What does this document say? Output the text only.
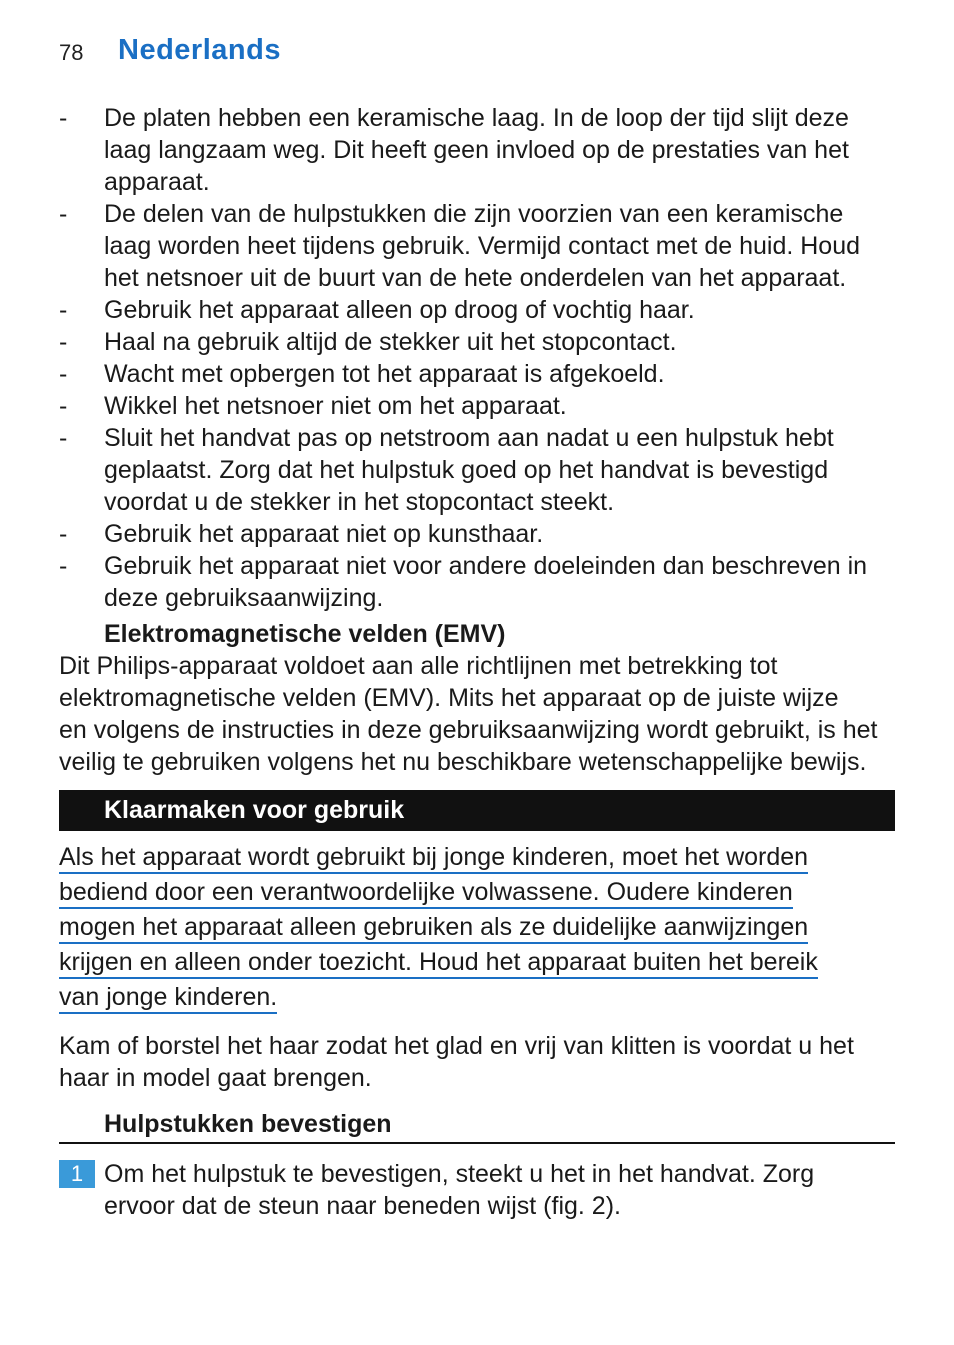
78 Nederlands
- De platen hebben een keramische laag. In de loop der tijd slijt deze
laag langzaam weg. Dit heeft geen invloed op de prestaties van het
apparaat.
- De delen van de hulpstukken die zijn voorzien van een keramische
laag worden heet tijdens gebruik. Vermijd contact met de huid. Houd
het netsnoer uit de buurt van de hete onderdelen van het apparaat.
- Gebruik het apparaat alleen op droog of vochtig haar.
- Haal na gebruik altijd de stekker uit het stopcontact.
- Wacht met opbergen tot het apparaat is afgekoeld.
- Wikkel het netsnoer niet om het apparaat.
- Sluit het handvat pas op netstroom aan nadat u een hulpstuk hebt
geplaatst. Zorg dat het hulpstuk goed op het handvat is bevestigd
voordat u de stekker in het stopcontact steekt.
- Gebruik het apparaat niet op kunsthaar.
- Gebruik het apparaat niet voor andere doeleinden dan beschreven in
deze gebruiksaanwijzing.
Elektromagnetische velden (EMV)
Dit Philips-apparaat voldoet aan alle richtlijnen met betrekking tot
elektromagnetische velden (EMV). Mits het apparaat op de juiste wijze
en volgens de instructies in deze gebruiksaanwijzing wordt gebruikt, is het
veilig te gebruiken volgens het nu beschikbare wetenschappelijke bewijs.
Klaarmaken voor gebruik
Als het apparaat wordt gebruikt bij jonge kinderen, moet het worden
bediend door een verantwoordelijke volwassene. Oudere kinderen
mogen het apparaat alleen gebruiken als ze duidelijke aanwijzingen
krijgen en alleen onder toezicht. Houd het apparaat buiten het bereik
van jonge kinderen.
Kam of borstel het haar zodat het glad en vrij van klitten is voordat u het
haar in model gaat brengen.
Hulpstukken bevestigen
1 Om het hulpstuk te bevestigen, steekt u het in het handvat. Zorg
ervoor dat de steun naar beneden wijst (fig. 2).
